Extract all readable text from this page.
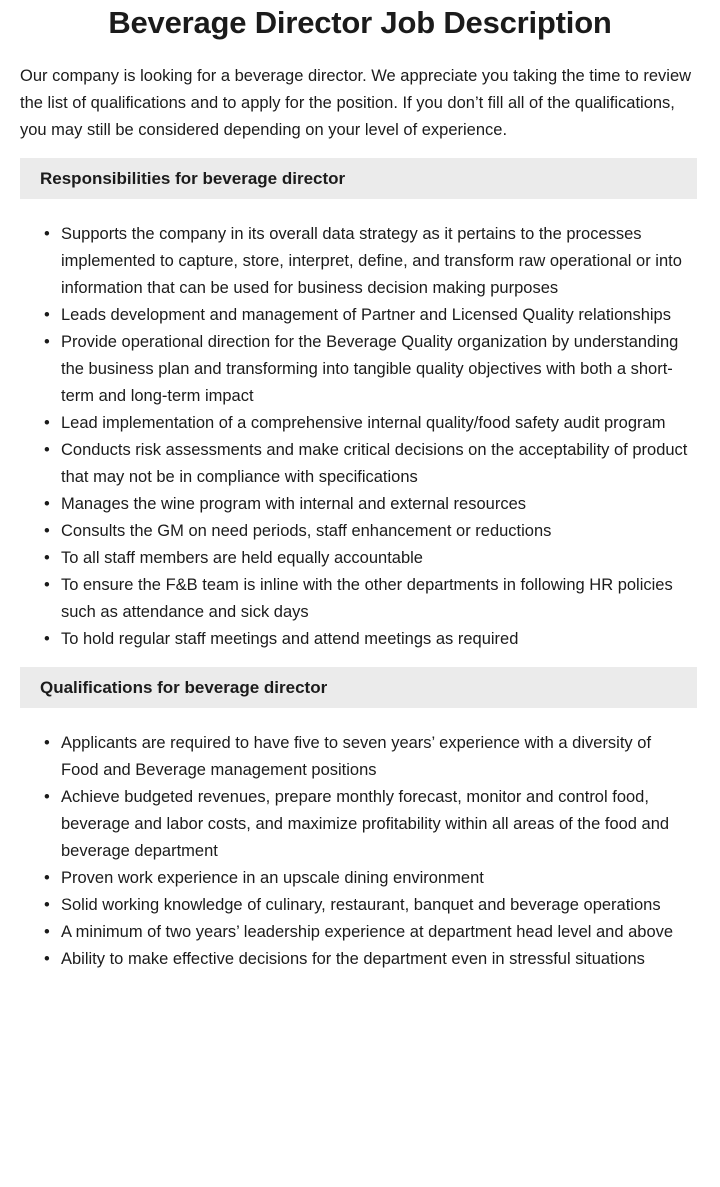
Beverage Director Job Description

Our company is looking for a beverage director. We appreciate you taking the time to review the list of qualifications and to apply for the position. If you don’t fill all of the qualifications, you may still be considered depending on your level of experience.

Responsibilities for beverage director
• Supports the company in its overall data strategy as it pertains to the processes implemented to capture, store, interpret, define, and transform raw operational or into information that can be used for business decision making purposes
• Leads development and management of Partner and Licensed Quality relationships
• Provide operational direction for the Beverage Quality organization by understanding the business plan and transforming into tangible quality objectives with both a short-term and long-term impact
• Lead implementation of a comprehensive internal quality/food safety audit program
• Conducts risk assessments and make critical decisions on the acceptability of product that may not be in compliance with specifications
• Manages the wine program with internal and external resources
• Consults the GM on need periods, staff enhancement or reductions
• To all staff members are held equally accountable
• To ensure the F&B team is inline with the other departments in following HR policies such as attendance and sick days
• To hold regular staff meetings and attend meetings as required
Qualifications for beverage director
• Applicants are required to have five to seven years’ experience with a diversity of Food and Beverage management positions
• Achieve budgeted revenues, prepare monthly forecast, monitor and control food, beverage and labor costs, and maximize profitability within all areas of the food and beverage department
• Proven work experience in an upscale dining environment
• Solid working knowledge of culinary, restaurant, banquet and beverage operations
• A minimum of two years’ leadership experience at department head level and above
• Ability to make effective decisions for the department even in stressful situations
